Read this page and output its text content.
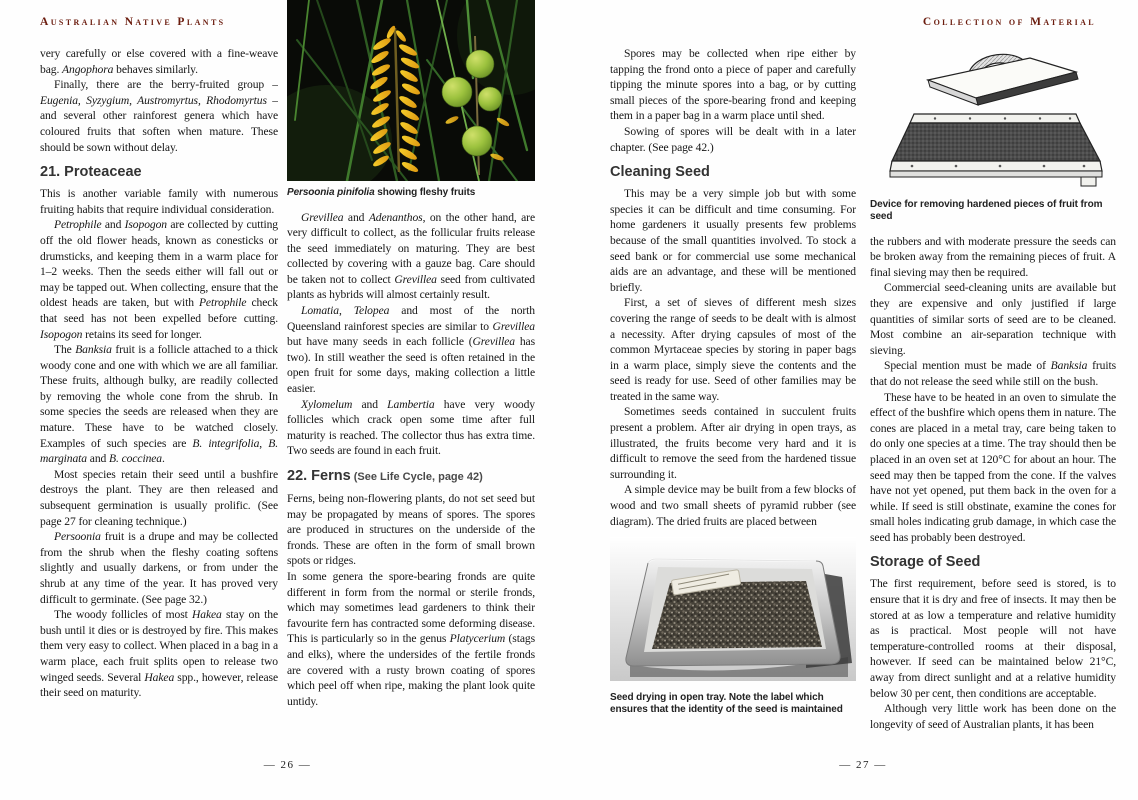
Australian Native Plants	Collection of Material

very carefully or else covered with a fine-weave bag. Angophora behaves similarly.

Finally, there are the berry-fruited group – Eugenia, Syzygium, Austromyrtus, Rhodomyrtus – and several other rainforest genera which have coloured fruits that soften when mature. These should be sown without delay.

21. Proteaceae

This is another variable family with numerous fruiting habits that require individual consideration.

Petrophile and Isopogon are collected by cutting off the old flower heads, known as conesticks or drumsticks, and keeping them in a warm place for 1–2 weeks. Then the seeds either will fall out or may be tapped out. When collecting, ensure that the oldest heads are taken, but with Petrophile check that seed has not been expelled before cutting. Isopogon retains its seed for longer.

The Banksia fruit is a follicle attached to a thick woody cone and one with which we are all familiar. These fruits, although bulky, are readily collected by removing the whole cone from the shrub. In some species the seeds are released when they are mature. These have to be watched closely. Examples of such species are B. integrifolia, B. marginata and B. coccinea.

Most species retain their seed until a bushfire destroys the plant. They are then released and subsequent germination is usually prolific. (See page 27 for cleaning technique.)

Persoonia fruit is a drupe and may be collected from the shrub when the fleshy coating softens slightly and usually darkens, or from under the shrub at any time of the year. It has proved very difficult to germinate. (See page 32.)

The woody follicles of most Hakea stay on the bush until it dies or is destroyed by fire. This makes them very easy to collect. When placed in a bag in a warm place, each fruit splits open to release two winged seeds. Several Hakea spp., however, release their seed on maturity.

Persoonia pinifolia showing fleshy fruits

Grevillea and Adenanthos, on the other hand, are very difficult to collect, as the follicular fruits release the seed immediately on maturing. They are best collected by covering with a gauze bag. Care should be taken not to collect Grevillea seed from cultivated plants as hybrids will almost certainly result.

Lomatia, Telopea and most of the north Queensland rainforest species are similar to Grevillea but have many seeds in each follicle (Grevillea has two). In still weather the seed is often retained in the open fruit for some days, making collection a little easier.

Xylomelum and Lambertia have very woody follicles which crack open some time after full maturity is reached. The collector thus has extra time. Two seeds are found in each fruit.

22. Ferns (See Life Cycle, page 42)

Ferns, being non-flowering plants, do not set seed but may be propagated by means of spores. The spores are produced in structures on the underside of the fronds. These are often in the form of small brown spots or ridges.

In some genera the spore-bearing fronds are quite different in form from the normal or sterile fronds, which may sometimes lead gardeners to think their favourite fern has contracted some deforming disease. This is particularly so in the genus Platycerium (stags and elks), where the undersides of the fertile fronds are covered with a rusty brown coating of spores which peel off when ripe, making the plant look quite untidy.

Spores may be collected when ripe either by tapping the frond onto a piece of paper and carefully tipping the minute spores into a bag, or by cutting small pieces of the spore-bearing frond and keeping them in a paper bag in a warm place until shed.

Sowing of spores will be dealt with in a later chapter. (See page 42.)

Cleaning Seed

This may be a very simple job but with some species it can be difficult and time consuming. For home gardeners it usually presents few problems because of the small quantities involved. To stock a seed bank or for commercial use some mechanical aids are an advantage, and these will be mentioned briefly.

First, a set of sieves of different mesh sizes covering the range of seeds to be dealt with is almost a necessity. After drying capsules of most of the common Myrtaceae species by storing in paper bags in a warm place, simply sieve the contents and the seed is ready for use. Seed of other families may be treated in the same way.

Sometimes seeds contained in succulent fruits present a problem. After air drying in open trays, as illustrated, the fruits become very hard and it is difficult to remove the seed from the hardened tissue surrounding it.

A simple device may be built from a few blocks of wood and two small sheets of pyramid rubber (see diagram). The dried fruits are placed between

Seed drying in open tray. Note the label which ensures that the identity of the seed is maintained
Device for removing hardened pieces of fruit from seed

the rubbers and with moderate pressure the seeds can be broken away from the remaining pieces of fruit. A final sieving may then be required.

Commercial seed-cleaning units are available but they are expensive and only justified if large quantities of similar sorts of seed are to be cleaned. Most combine an air-separation technique with sieving.

Special mention must be made of Banksia fruits that do not release the seed while still on the bush.

These have to be heated in an oven to simulate the effect of the bushfire which opens them in nature. The cones are placed in a metal tray, care being taken to do only one species at a time. The tray should then be placed in an oven set at 120°C for about an hour. The seed may then be tapped from the cone. If the valves have not yet opened, put them back in the oven for a while. If seed is still obstinate, examine the cones for small holes indicating grub damage, in which case the seed has probably been destroyed.

Storage of Seed

The first requirement, before seed is stored, is to ensure that it is dry and free of insects. It may then be stored at as low a temperature and relative humidity as is practical. Most people will not have temperature-controlled rooms at their disposal, however. If seed can be maintained below 21°C, away from direct sunlight and at a relative humidity below 30 per cent, then conditions are acceptable.

Although very little work has been done on the longevity of seed of Australian plants, it has been

— 26 —	— 27 —
